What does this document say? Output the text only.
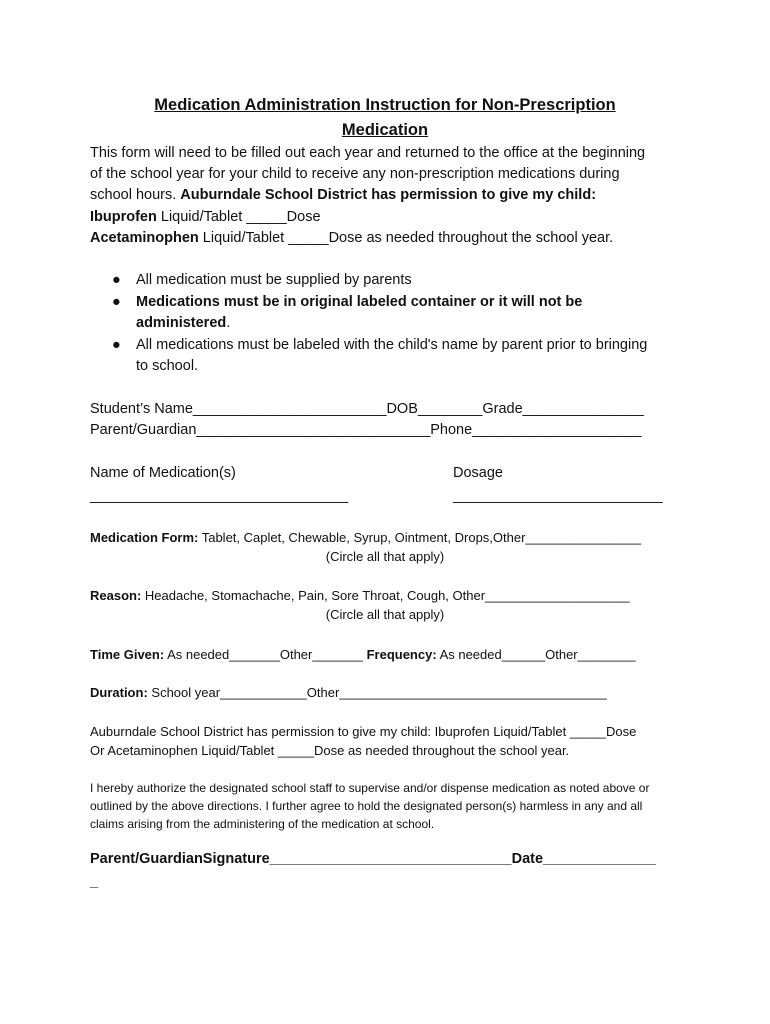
Medication Administration Instruction for Non-Prescription
Medication
This form will need to be filled out each year and returned to the office at the beginning
of the school year for your child to receive any non-prescription medications during
school hours. Auburndale School District has permission to give my child:
Ibuprofen Liquid/Tablet _____Dose
Acetaminophen Liquid/Tablet _____Dose as needed throughout the school year.
● All medication must be supplied by parents
● Medications must be in original labeled container or it will not be
administered.
● All medications must be labeled with the child's name by parent prior to bringing
to school.
Student’s Name________________________DOB________Grade_______________
Parent/Guardian_____________________________Phone_____________________
Name of Medication(s)	Dosage
________________________________	__________________________
Medication Form: Tablet, Caplet, Chewable, Syrup, Ointment, Drops,Other________________
(Circle all that apply)
Reason: Headache, Stomachache, Pain, Sore Throat, Cough, Other____________________
(Circle all that apply)
Time Given: As needed_______Other_______ Frequency: As needed______Other________
Duration: School year____________Other_____________________________________
Auburndale School District has permission to give my child: Ibuprofen Liquid/Tablet _____Dose
Or Acetaminophen Liquid/Tablet _____Dose as needed throughout the school year.
I hereby authorize the designated school staff to supervise and/or dispense medication as noted above or
outlined by the above directions. I further agree to hold the designated person(s) harmless in any and all
claims arising from the administering of the medication at school.
Parent/GuardianSignature______________________________Date______________
_
